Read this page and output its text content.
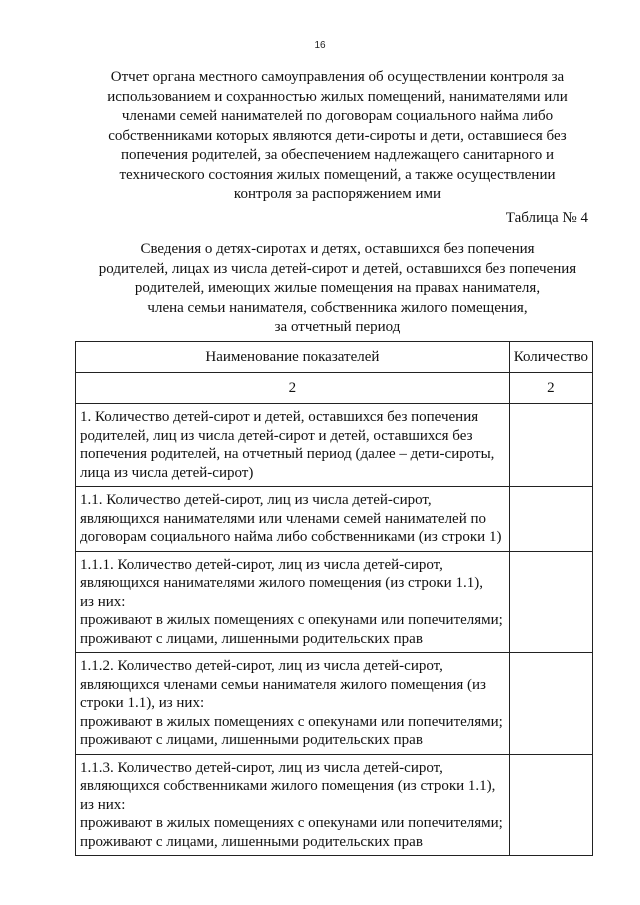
16
Отчет органа местного самоуправления об осуществлении контроля за
использованием и сохранностью жилых помещений, нанимателями или
членами семей нанимателей по договорам социального найма либо
собственниками которых являются дети-сироты и дети, оставшиеся без
попечения родителей, за обеспечением надлежащего санитарного и
технического состояния жилых помещений, а также осуществлении
контроля за распоряжением ими
Таблица № 4
Сведения о детях-сиротах и детях, оставшихся без попечения
родителей, лицах из числа детей-сирот и детей, оставшихся без попечения
родителей, имеющих жилые помещения на правах нанимателя,
члена семьи нанимателя, собственника жилого помещения,
за отчетный период
Наименование показателей	Количество
2	2

1. Количество детей-сирот и детей, оставшихся без попечения
родителей, лиц из числа детей-сирот и детей, оставшихся без
попечения родителей, на отчетный период (далее – дети-сироты,
лица из числа детей-сирот)	

1.1. Количество детей-сирот, лиц из числа детей-сирот,
являющихся нанимателями или членами семей нанимателей по
договорам социального найма либо собственниками (из строки 1)	

1.1.1. Количество детей-сирот, лиц из числа детей-сирот,
являющихся нанимателями жилого помещения (из строки 1.1),
из них:
проживают в жилых помещениях с опекунами или попечителями;
проживают с лицами, лишенными родительских прав	

1.1.2. Количество детей-сирот, лиц из числа детей-сирот,
являющихся членами семьи нанимателя жилого помещения (из
строки 1.1), из них:
проживают в жилых помещениях с опекунами или попечителями;
проживают с лицами, лишенными родительских прав	

1.1.3. Количество детей-сирот, лиц из числа детей-сирот,
являющихся собственниками жилого помещения (из строки 1.1),
из них:
проживают в жилых помещениях с опекунами или попечителями;
проживают с лицами, лишенными родительских прав	
